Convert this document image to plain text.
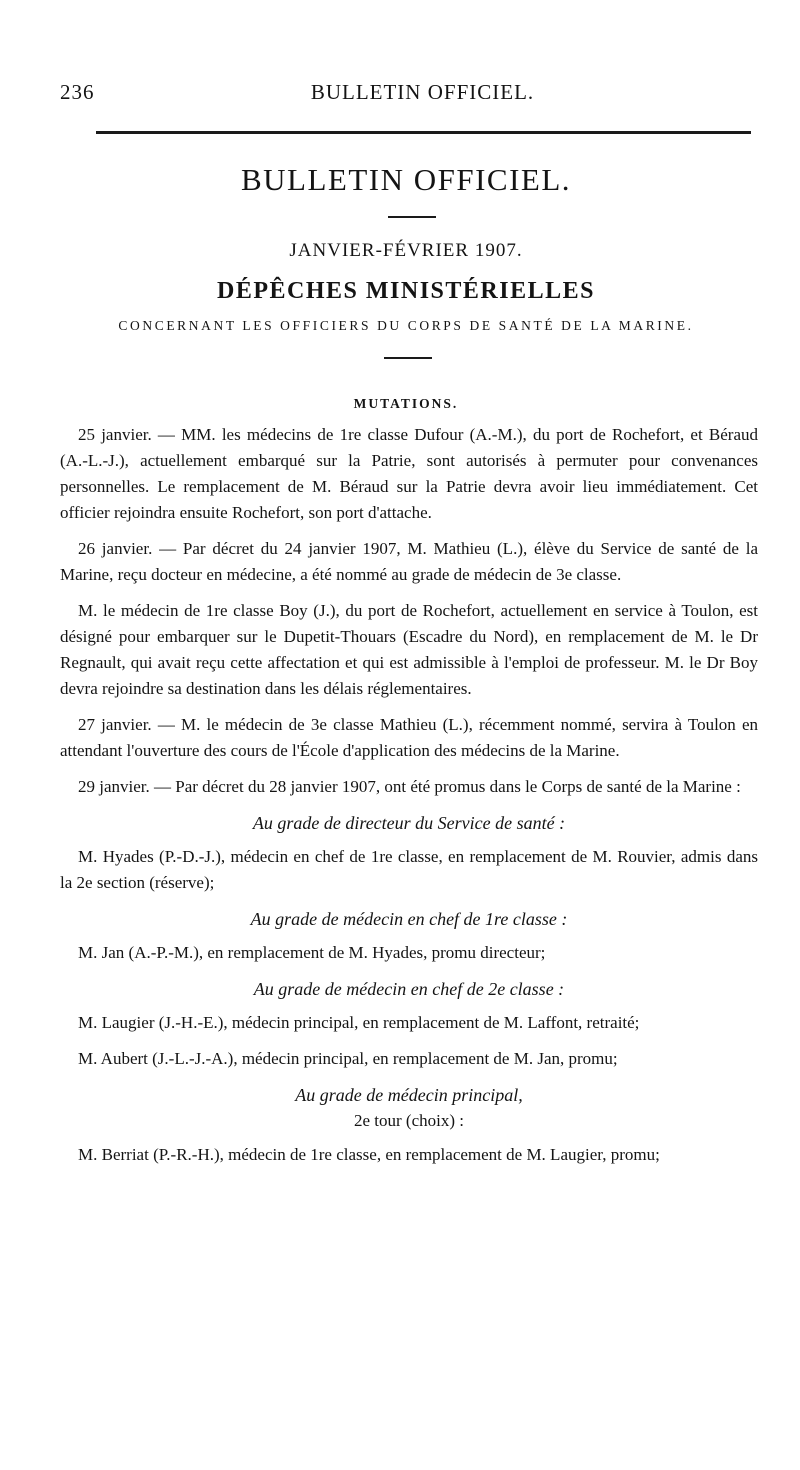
236	BULLETIN OFFICIEL.
BULLETIN OFFICIEL.
JANVIER-FÉVRIER 1907.
DÉPÊCHES MINISTÉRIELLES
CONCERNANT LES OFFICIERS DU CORPS DE SANTÉ DE LA MARINE.
MUTATIONS.

25 janvier. — MM. les médecins de 1re classe Dufour (A.-M.), du port de Rochefort, et Béraud (A.-L.-J.), actuellement embarqué sur la Patrie, sont autorisés à permuter pour convenances personnelles. Le remplacement de M. Béraud sur la Patrie devra avoir lieu immédiatement. Cet officier rejoindra ensuite Rochefort, son port d'attache.

26 janvier. — Par décret du 24 janvier 1907, M. Mathieu (L.), élève du Service de santé de la Marine, reçu docteur en médecine, a été nommé au grade de médecin de 3e classe.

M. le médecin de 1re classe Boy (J.), du port de Rochefort, actuellement en service à Toulon, est désigné pour embarquer sur le Dupetit-Thouars (Escadre du Nord), en remplacement de M. le Dr Regnault, qui avait reçu cette affectation et qui est admissible à l'emploi de professeur. M. le Dr Boy devra rejoindre sa destination dans les délais réglementaires.

27 janvier. — M. le médecin de 3e classe Mathieu (L.), récemment nommé, servira à Toulon en attendant l'ouverture des cours de l'École d'application des médecins de la Marine.

29 janvier. — Par décret du 28 janvier 1907, ont été promus dans le Corps de santé de la Marine :

Au grade de directeur du Service de santé :

M. Hyades (P.-D.-J.), médecin en chef de 1re classe, en remplacement de M. Rouvier, admis dans la 2e section (réserve);

Au grade de médecin en chef de 1re classe :

M. Jan (A.-P.-M.), en remplacement de M. Hyades, promu directeur;

Au grade de médecin en chef de 2e classe :

M. Laugier (J.-H.-E.), médecin principal, en remplacement de M. Laffont, retraité;

M. Aubert (J.-L.-J.-A.), médecin principal, en remplacement de M. Jan, promu;

Au grade de médecin principal,
2e tour (choix) :

M. Berriat (P.-R.-H.), médecin de 1re classe, en remplacement de M. Laugier, promu;
